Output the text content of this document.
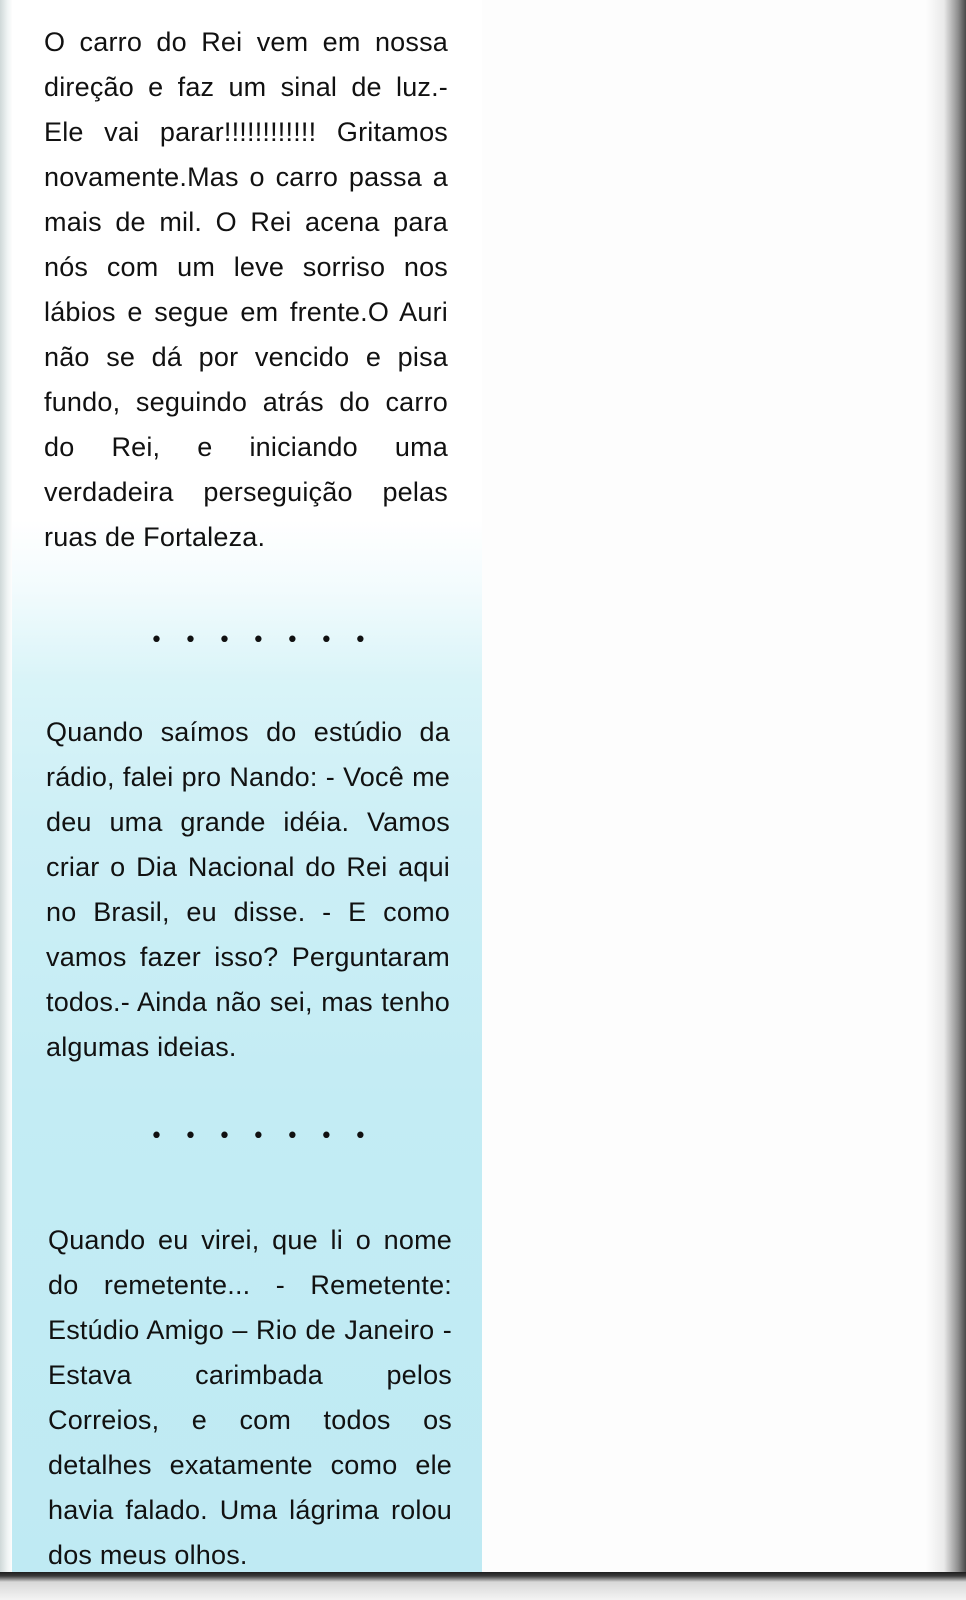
O carro do Rei vem em nossa direção e faz um sinal de luz.- Ele vai parar!!!!!!!!!!!! Gritamos novamente.Mas o carro passa a mais de mil. O Rei acena para nós com um leve sorriso nos lábios e segue em frente.O Auri não se dá por vencido e pisa fundo, seguindo atrás do carro do Rei, e iniciando uma verdadeira perseguição pelas ruas de Fortaleza.

• • • • • • •

Quando saímos do estúdio da rádio, falei pro Nando: - Você me deu uma grande idéia. Vamos criar o Dia Nacional do Rei aqui no Brasil, eu disse. - E como vamos fazer isso? Perguntaram todos.- Ainda não sei, mas tenho algumas ideias.

• • • • • • •

Quando eu virei, que li o nome do remetente... - Remetente: Estúdio Amigo – Rio de Janeiro - Estava carimbada pelos Correios, e com todos os detalhes exatamente como ele havia falado. Uma lágrima rolou dos meus olhos.
